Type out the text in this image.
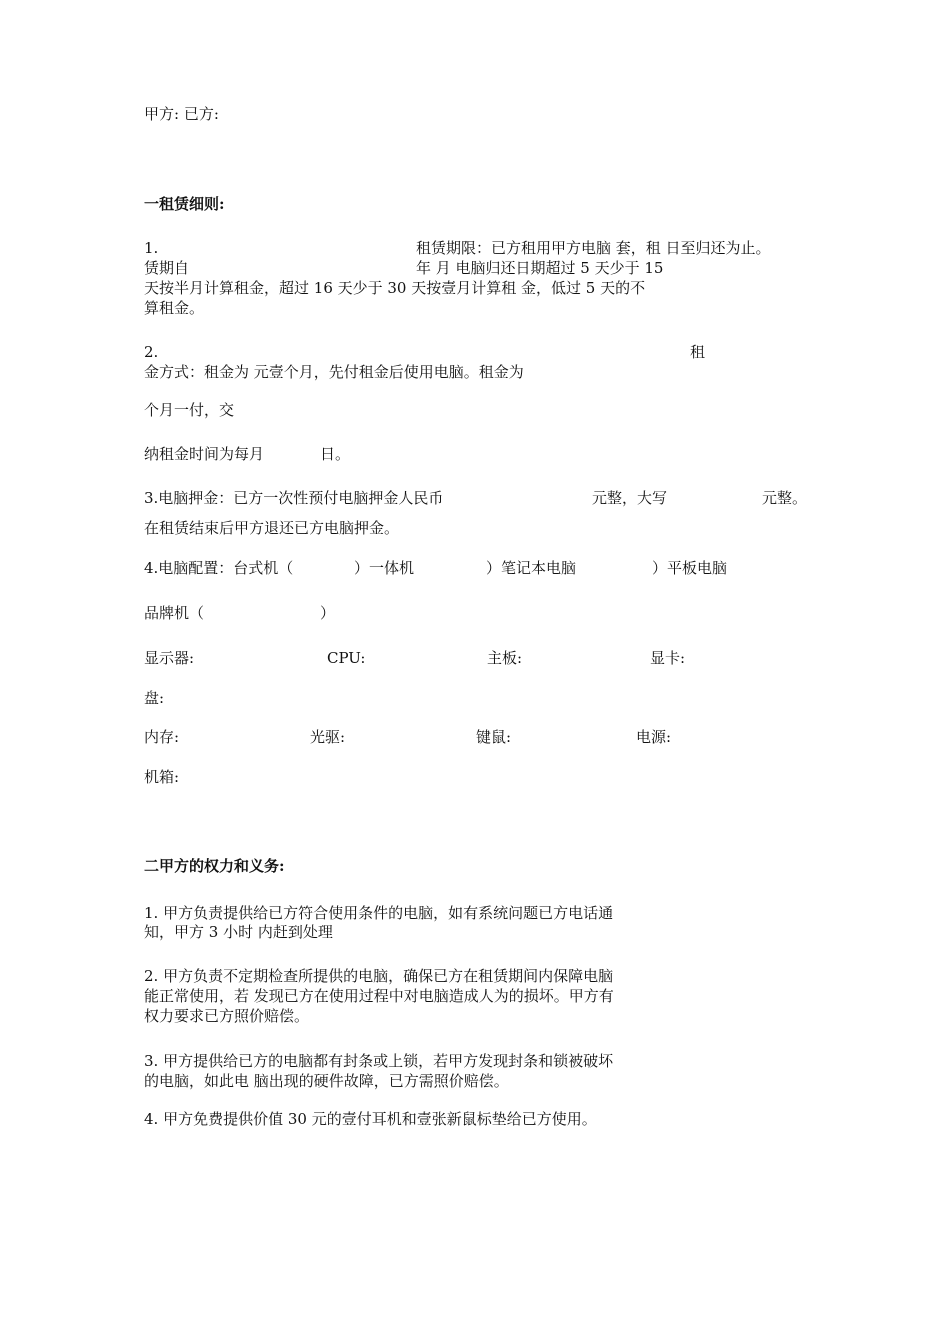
甲方: 已方:
一租赁细则:
1.	租赁期限：已方租用甲方电脑 套，租 日至归还为止。
赁期自	年 月 电脑归还日期超过 5 天少于 15
天按半月计算租金，超过 16 天少于 30 天按壹月计算租 金，低过 5 天的不
算租金。
2.	租
金方式：租金为 元壹个月，先付租金后使用电脑。租金为
个月一付，交
纳租金时间为每月	日。
3.电脑押金：已方一次性预付电脑押金人民币	元整，大写	元整。
在租赁结束后甲方退还已方电脑押金。
4.电脑配置：台式机（	）一体机	）笔记本电脑	）平板电脑
品牌机（	）
显示器:	CPU:	主板:	显卡:
盘:
内存:	光驱:	键鼠:	电源:
机箱:
二甲方的权力和义务:
1. 甲方负责提供给已方符合使用条件的电脑，如有系统问题已方电话通
知，甲方 3 小时 内赶到处理
2. 甲方负责不定期检查所提供的电脑，确保已方在租赁期间内保障电脑
能正常使用，若 发现已方在使用过程中对电脑造成人为的损坏。甲方有
权力要求已方照价赔偿。
3. 甲方提供给已方的电脑都有封条或上锁，若甲方发现封条和锁被破坏
的电脑，如此电 脑出现的硬件故障，已方需照价赔偿。
4. 甲方免费提供价值 30 元的壹付耳机和壹张新鼠标垫给已方使用。
